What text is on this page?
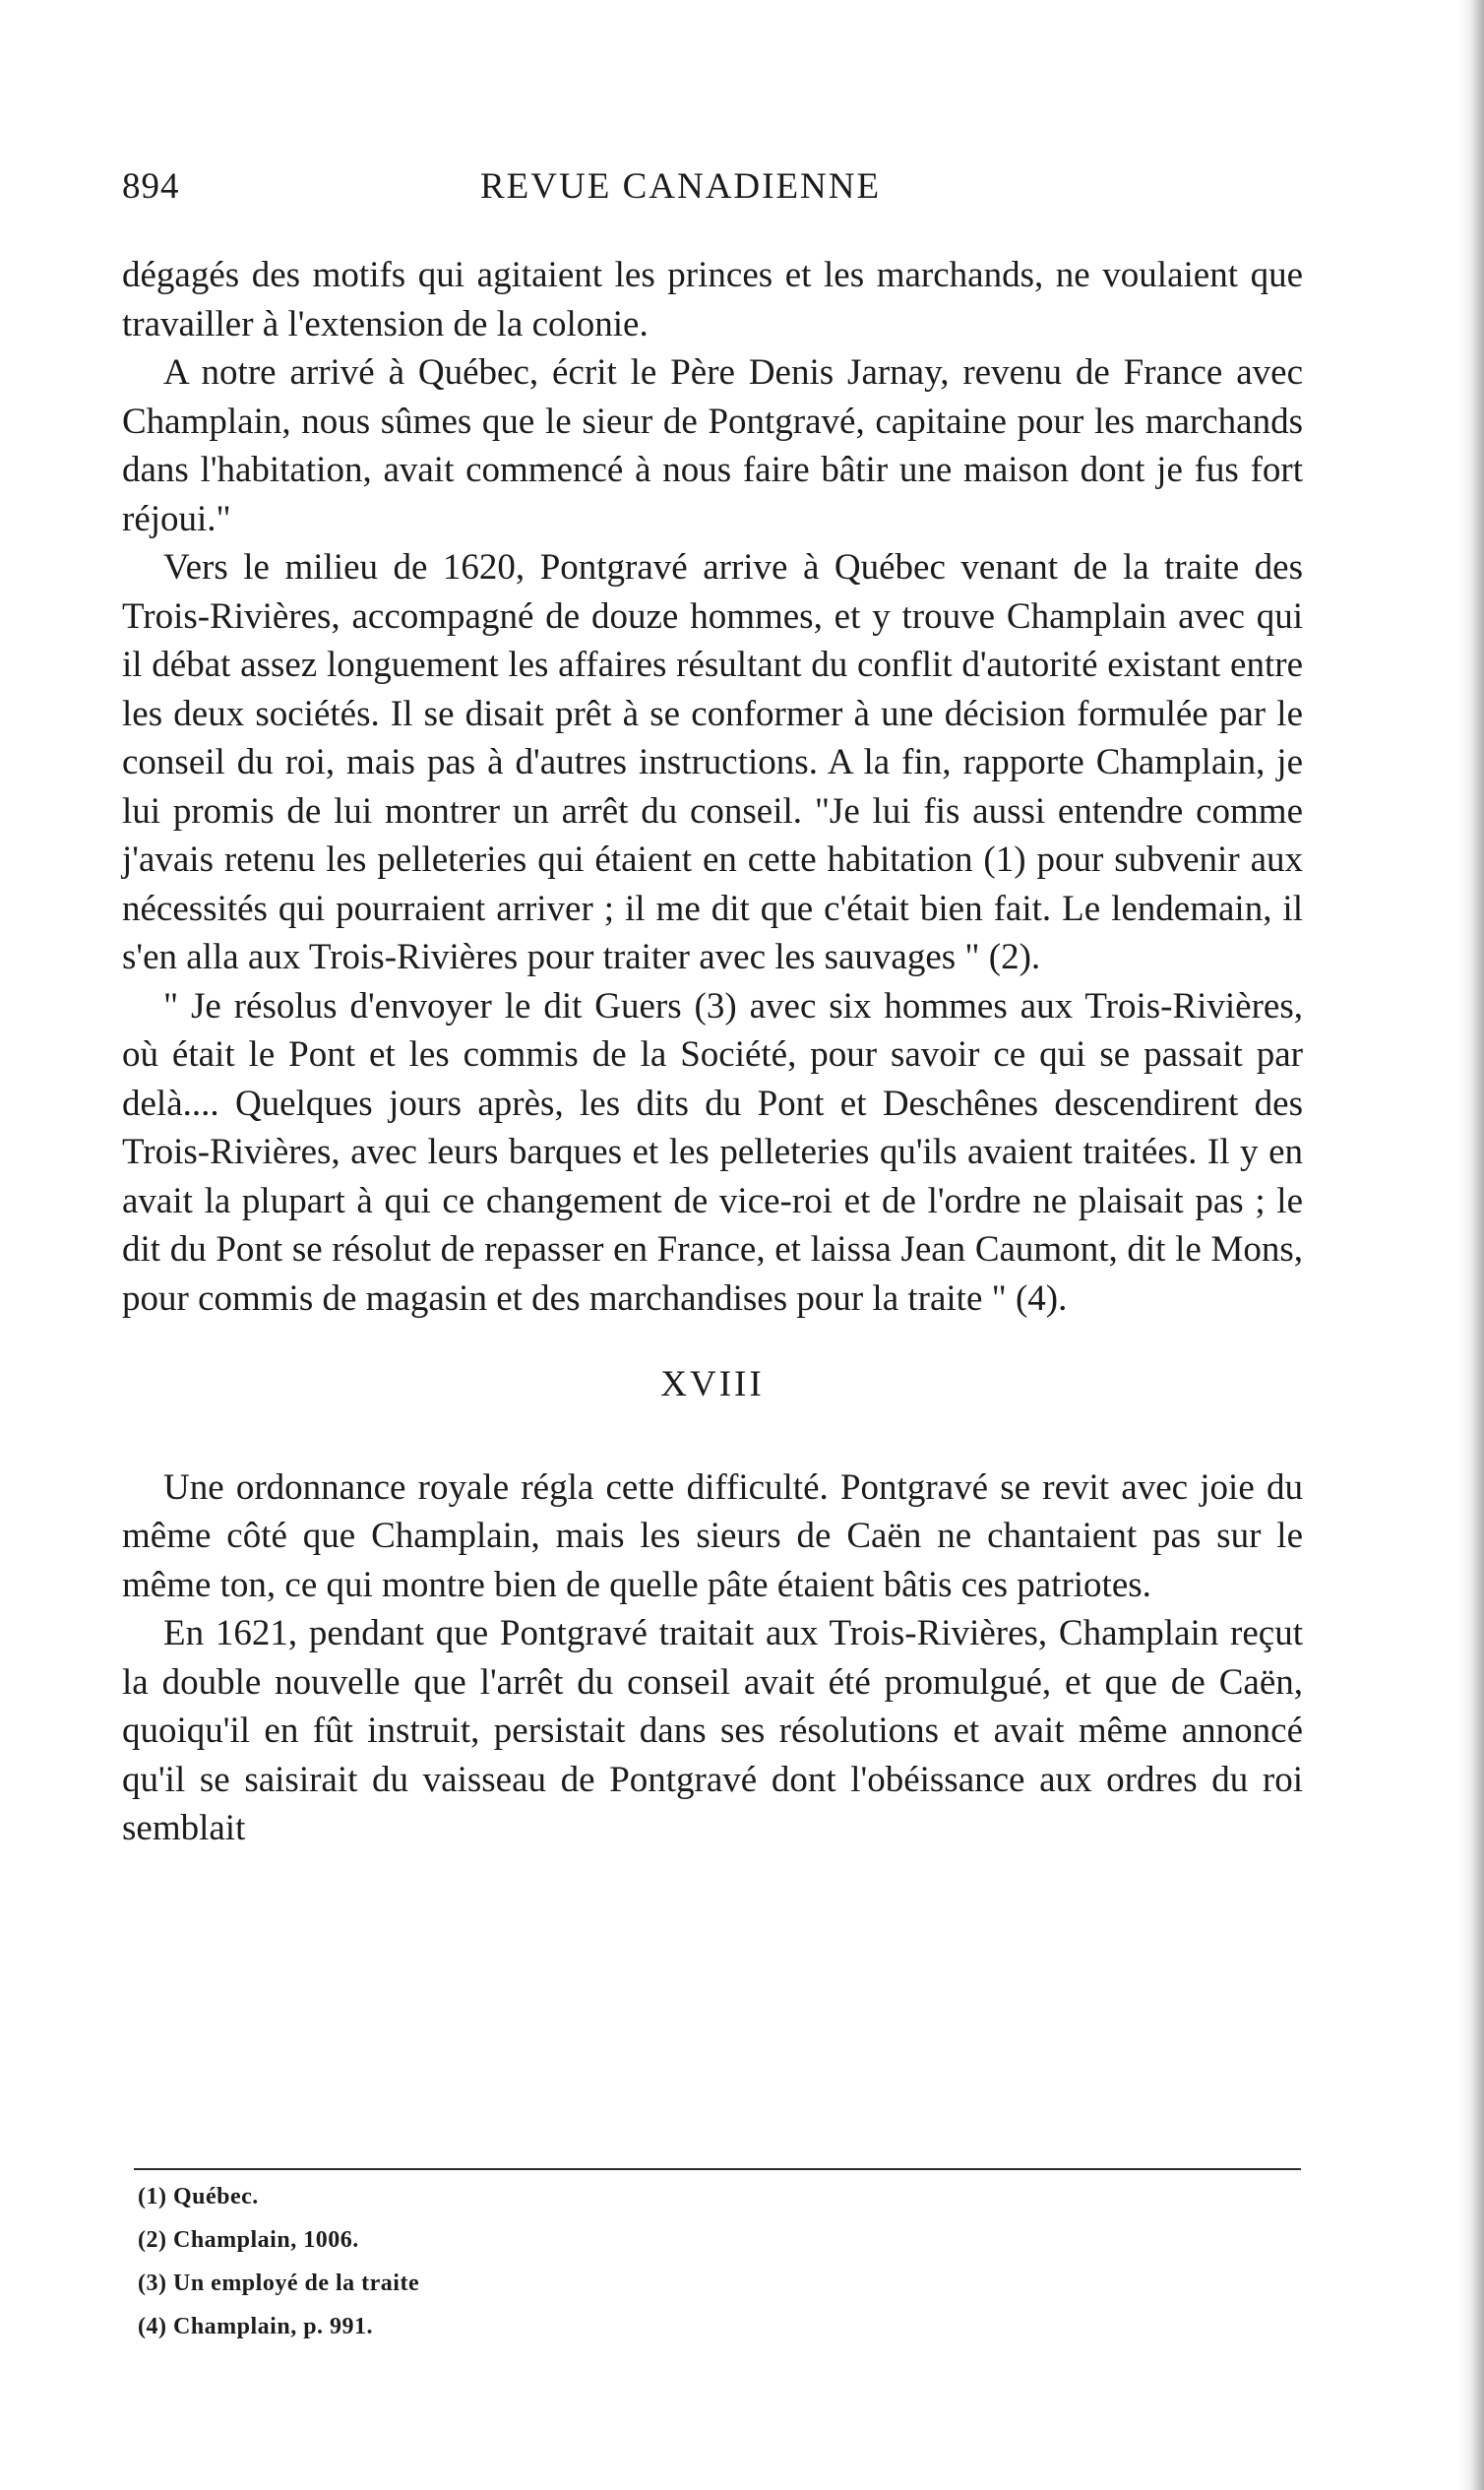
894	REVUE CANADIENNE

dégagés des motifs qui agitaient les princes et les marchands, ne voulaient que travailler à l'extension de la colonie.

A notre arrivé à Québec, écrit le Père Denis Jarnay, revenu de France avec Champlain, nous sûmes que le sieur de Pontgravé, capitaine pour les marchands dans l'habitation, avait commencé à nous faire bâtir une maison dont je fus fort réjoui."

Vers le milieu de 1620, Pontgravé arrive à Québec venant de la traite des Trois-Rivières, accompagné de douze hommes, et y trouve Champlain avec qui il débat assez longuement les affaires résultant du conflit d'autorité existant entre les deux sociétés. Il se disait prêt à se conformer à une décision formulée par le conseil du roi, mais pas à d'autres instructions. A la fin, rapporte Champlain, je lui promis de lui montrer un arrêt du conseil. "Je lui fis aussi entendre comme j'avais retenu les pelleteries qui étaient en cette habitation (1) pour subvenir aux nécessités qui pourraient arriver ; il me dit que c'était bien fait. Le lendemain, il s'en alla aux Trois-Rivières pour traiter avec les sauvages " (2).

" Je résolus d'envoyer le dit Guers (3) avec six hommes aux Trois-Rivières, où était le Pont et les commis de la Société, pour savoir ce qui se passait par delà.... Quelques jours après, les dits du Pont et Deschênes descendirent des Trois-Rivières, avec leurs barques et les pelleteries qu'ils avaient traitées. Il y en avait la plupart à qui ce changement de vice-roi et de l'ordre ne plaisait pas ; le dit du Pont se résolut de repasser en France, et laissa Jean Caumont, dit le Mons, pour commis de magasin et des marchandises pour la traite " (4).

XVIII

Une ordonnance royale régla cette difficulté. Pontgravé se revit avec joie du même côté que Champlain, mais les sieurs de Caën ne chantaient pas sur le même ton, ce qui montre bien de quelle pâte étaient bâtis ces patriotes.

En 1621, pendant que Pontgravé traitait aux Trois-Rivières, Champlain reçut la double nouvelle que l'arrêt du conseil avait été promulgué, et que de Caën, quoiqu'il en fût instruit, persistait dans ses résolutions et avait même annoncé qu'il se saisirait du vaisseau de Pontgravé dont l'obéissance aux ordres du roi semblait

(1) Québec.
(2) Champlain, 1006.
(3) Un employé de la traite
(4) Champlain, p. 991.
